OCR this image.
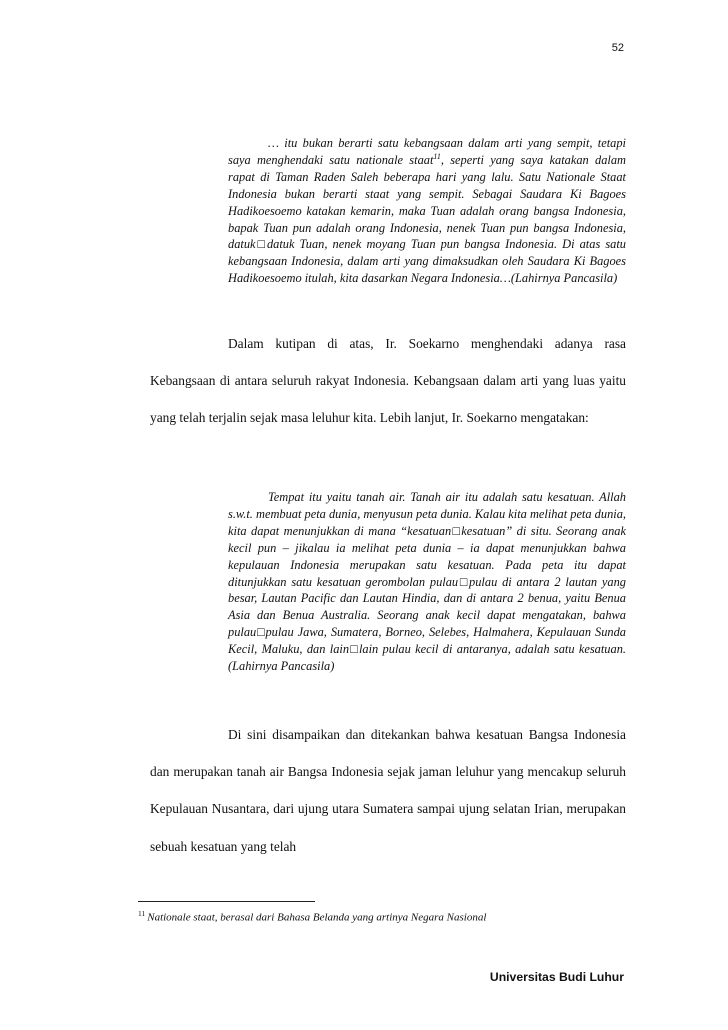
52

… itu bukan berarti satu kebangsaan dalam arti yang sempit, tetapi saya menghendaki satu nationale staat$^{11}$, seperti yang saya katakan dalam rapat di Taman Raden Saleh beberapa hari yang lalu. Satu Nationale Staat Indonesia bukan berarti staat yang sempit. Sebagai Saudara Ki Bagoes Hadikoesoemo katakan kemarin, maka Tuan adalah orang bangsa Indonesia, bapak Tuan pun adalah orang Indonesia, nenek Tuan pun bangsa Indonesia, datuk□datuk Tuan, nenek moyang Tuan pun bangsa Indonesia. Di atas satu kebangsaan Indonesia, dalam arti yang dimaksudkan oleh Saudara Ki Bagoes Hadikoesoemo itulah, kita dasarkan Negara Indonesia…(Lahirnya Pancasila)

Dalam kutipan di atas, Ir. Soekarno menghendaki adanya rasa Kebangsaan di antara seluruh rakyat Indonesia. Kebangsaan dalam arti yang luas yaitu yang telah terjalin sejak masa leluhur kita. Lebih lanjut, Ir. Soekarno mengatakan:

Tempat itu yaitu tanah air. Tanah air itu adalah satu kesatuan. Allah s.w.t. membuat peta dunia, menyusun peta dunia. Kalau kita melihat peta dunia, kita dapat menunjukkan di mana “kesatuan□kesatuan” di situ. Seorang anak kecil pun – jikalau ia melihat peta dunia – ia dapat menunjukkan bahwa kepulauan Indonesia merupakan satu kesatuan. Pada peta itu dapat ditunjukkan satu kesatuan gerombolan pulau□pulau di antara 2 lautan yang besar, Lautan Pacific dan Lautan Hindia, dan di antara 2 benua, yaitu Benua Asia dan Benua Australia. Seorang anak kecil dapat mengatakan, bahwa pulau□pulau Jawa, Sumatera, Borneo, Selebes, Halmahera, Kepulauan Sunda Kecil, Maluku, dan lain□lain pulau kecil di antaranya, adalah satu kesatuan.(Lahirnya Pancasila)

Di sini disampaikan dan ditekankan bahwa kesatuan Bangsa Indonesia dan merupakan tanah air Bangsa Indonesia sejak jaman leluhur yang mencakup seluruh Kepulauan Nusantara, dari ujung utara Sumatera sampai ujung selatan Irian, merupakan sebuah kesatuan yang telah

$^{11}$ Nationale staat, berasal dari Bahasa Belanda yang artinya Negara Nasional
Universitas Budi Luhur
